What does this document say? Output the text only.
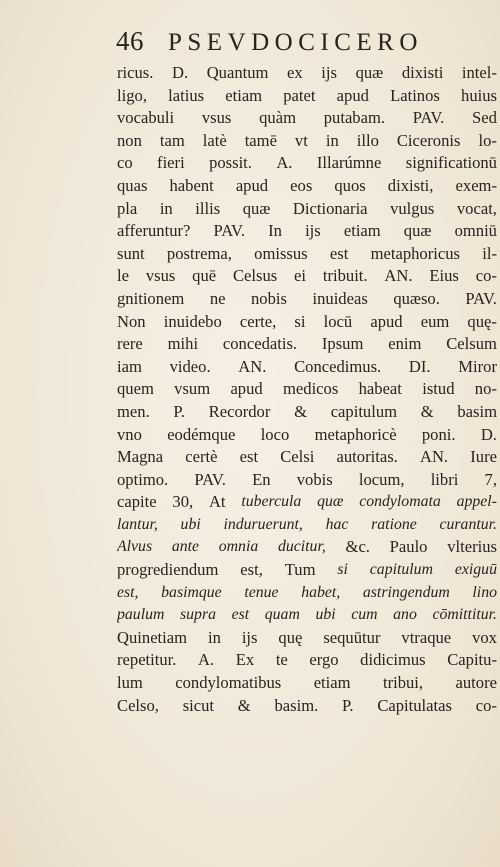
46 PSEVDOCICERO
ricus. D. Quantum ex ijs quæ dixisti intel-
ligo, latius etiam patet apud Latinos huius
vocabuli vsus quàm putabam. PAV. Sed
non tam latè tamē vt in illo Ciceronis lo-
co fieri possit. A. Illarúmne significationū
quas habent apud eos quos dixisti, exem-
pla in illis quæ Dictionaria vulgus vocat,
afferuntur? PAV. In ijs etiam quæ omniū
sunt postrema, omissus est metaphoricus il-
le vsus quē Celsus ei tribuit. AN. Eius co-
gnitionem ne nobis inuideas quæso. PAV.
Non inuidebo certe, si locū apud eum quę-
rere mihi concedatis. Ipsum enim Celsum
iam video. AN. Concedimus. DI. Miror
quem vsum apud medicos habeat istud no-
men. P. Recordor & capitulum & basim
vno eodémque loco metaphoricè poni. D.
Magna certè est Celsi autoritas. AN. Iure
optimo. PAV. En vobis locum, libri 7,
capite 30, At tubercula quæ condylomata appel-
lantur, ubi induruerunt, hac ratione curantur.
Alvus ante omnia ducitur, &c. Paulo vlterius
progrediendum est, Tum si capitulum exiguū
est, basimque tenue habet, astringendum lino
paulum supra est quam ubi cum ano cōmittitur.
Quinetiam in ijs quę sequūtur vtraque vox
repetitur. A. Ex te ergo didicimus Capitu-
lum condylomatibus etiam tribui, autore
Celso, sicut & basim. P. Capitulatas co-
